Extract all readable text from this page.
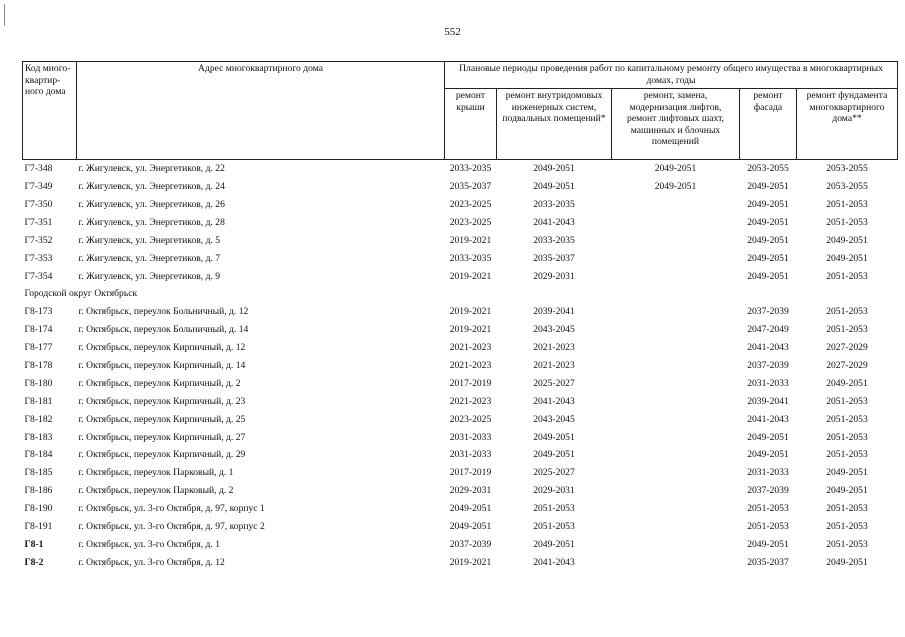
552
Код много-квартир-ного дома	Адрес многоквартирного дома	Плановые периоды проведения работ по капитальному ремонту общего имущества в многоквартирных домах, годы				
		ремонт крыши	ремонт внутридомовых инженерных систем, подвальных помещений*	ремонт, замена, модернизация лифтов, ремонт лифтовых шахт, машинных и блочных помещений	ремонт фасада	ремонт фундамента многоквартирного дома**
Г7-348	г. Жигулевск, ул. Энергетиков, д. 22	2033-2035	2049-2051	2049-2051	2053-2055	2053-2055
Г7-349	г. Жигулевск, ул. Энергетиков, д. 24	2035-2037	2049-2051	2049-2051	2049-2051	2053-2055
Г7-350	г. Жигулевск, ул. Энергетиков, д. 26	2023-2025	2033-2035		2049-2051	2051-2053
Г7-351	г. Жигулевск, ул. Энергетиков, д. 28	2023-2025	2041-2043		2049-2051	2051-2053
Г7-352	г. Жигулевск, ул. Энергетиков, д. 5	2019-2021	2033-2035		2049-2051	2049-2051
Г7-353	г. Жигулевск, ул. Энергетиков, д. 7	2033-2035	2035-2037		2049-2051	2049-2051
Г7-354	г. Жигулевск, ул. Энергетиков, д. 9	2019-2021	2029-2031		2049-2051	2051-2053
Городской округ Октябрьск						
Г8-173	г. Октябрьск, переулок Больничный, д. 12	2019-2021	2039-2041		2037-2039	2051-2053
Г8-174	г. Октябрьск, переулок Больничный, д. 14	2019-2021	2043-2045		2047-2049	2051-2053
Г8-177	г. Октябрьск, переулок Кирпичный, д. 12	2021-2023	2021-2023		2041-2043	2027-2029
Г8-178	г. Октябрьск, переулок Кирпичный, д. 14	2021-2023	2021-2023		2037-2039	2027-2029
Г8-180	г. Октябрьск, переулок Кирпичный, д. 2	2017-2019	2025-2027		2031-2033	2049-2051
Г8-181	г. Октябрьск, переулок Кирпичный, д. 23	2021-2023	2041-2043		2039-2041	2051-2053
Г8-182	г. Октябрьск, переулок Кирпичный, д. 25	2023-2025	2043-2045		2041-2043	2051-2053
Г8-183	г. Октябрьск, переулок Кирпичный, д. 27	2031-2033	2049-2051		2049-2051	2051-2053
Г8-184	г. Октябрьск, переулок Кирпичный, д. 29	2031-2033	2049-2051		2049-2051	2051-2053
Г8-185	г. Октябрьск, переулок Парковый, д. 1	2017-2019	2025-2027		2031-2033	2049-2051
Г8-186	г. Октябрьск, переулок Парковый, д. 2	2029-2031	2029-2031		2037-2039	2049-2051
Г8-190	г. Октябрьск, ул. 3-го Октября, д. 97, корпус 1	2049-2051	2051-2053		2051-2053	2051-2053
Г8-191	г. Октябрьск, ул. 3-го Октября, д. 97, корпус 2	2049-2051	2051-2053		2051-2053	2051-2053
Г8-1	г. Октябрьск, ул. 3-го Октября, д. 1	2037-2039	2049-2051		2049-2051	2051-2053
Г8-2	г. Октябрьск, ул. 3-го Октября, д. 12	2019-2021	2041-2043		2035-2037	2049-2051
